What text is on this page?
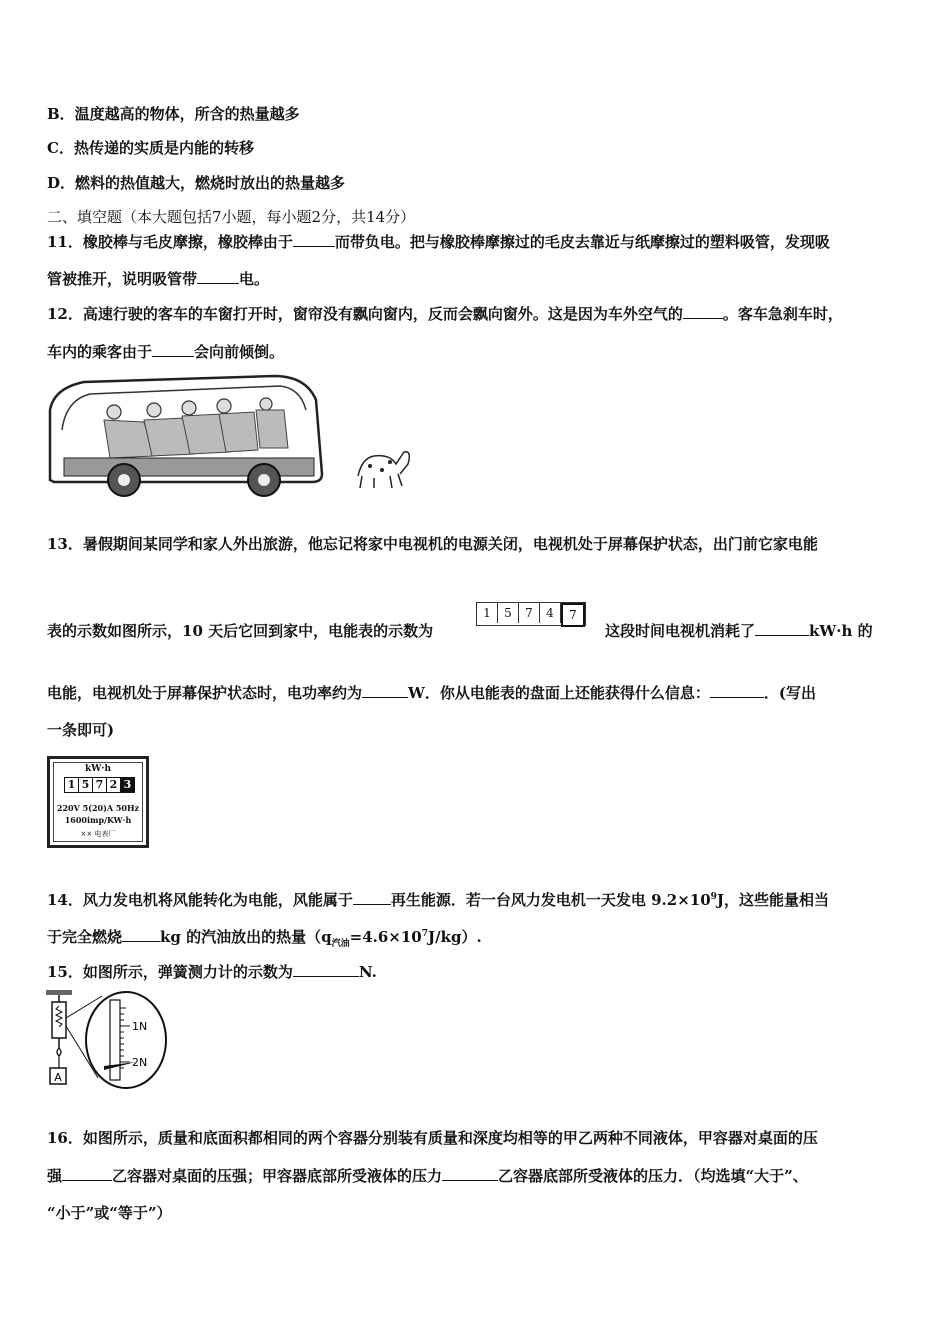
B．温度越高的物体，所含的热量越多
C．热传递的实质是内能的转移
D．燃料的热值越大，燃烧时放出的热量越多
二、填空题（本大题包括7小题，每小题2分，共14分）
11．橡胶棒与毛皮摩擦，橡胶棒由于	而带负电。把与橡胶棒摩擦过的毛皮去靠近与纸摩擦过的塑料吸管，发现吸
管被推开，说明吸管带	电。
12．高速行驶的客车的车窗打开时，窗帘没有飘向窗内，反而会飘向窗外。这是因为车外空气的	。客车急刹车时，
车内的乘客由于	会向前倾倒。
13．暑假期间某同学和家人外出旅游，他忘记将家中电视机的电源关闭，电视机处于屏幕保护状态，出门前它家电能
表的示数如图所示，10 天后它回到家中，电能表的示数为
1	5	7	4	7
这段时间电视机消耗了	kW·h 的
电能，电视机处于屏幕保护状态时，电功率约为	W．你从电能表的盘面上还能获得什么信息：	．(写出
一条即可)
kW·h
1 5 7 2 3
220V 5(20)A 50Hz
1600imp/KW·h
×× 电表厂
14．风力发电机将风能转化为电能，风能属于	再生能源．若一台风力发电机一天发电 $9.2\times 10^9J$，这些能量相当
于完全燃烧	kg 的汽油放出的热量$(q_{汽油}=4.6\times 10^7J/kg)$.
15．如图所示，弹簧测力计的示数为	N.
A
1N
2N
16．如图所示，质量和底面积都相同的两个容器分别装有质量和深度均相等的甲乙两种不同液体，甲容器对桌面的压
强	乙容器对桌面的压强；甲容器底部所受液体的压力	乙容器底部所受液体的压力．（均选填“大于”、
“小于”或“等于”）
